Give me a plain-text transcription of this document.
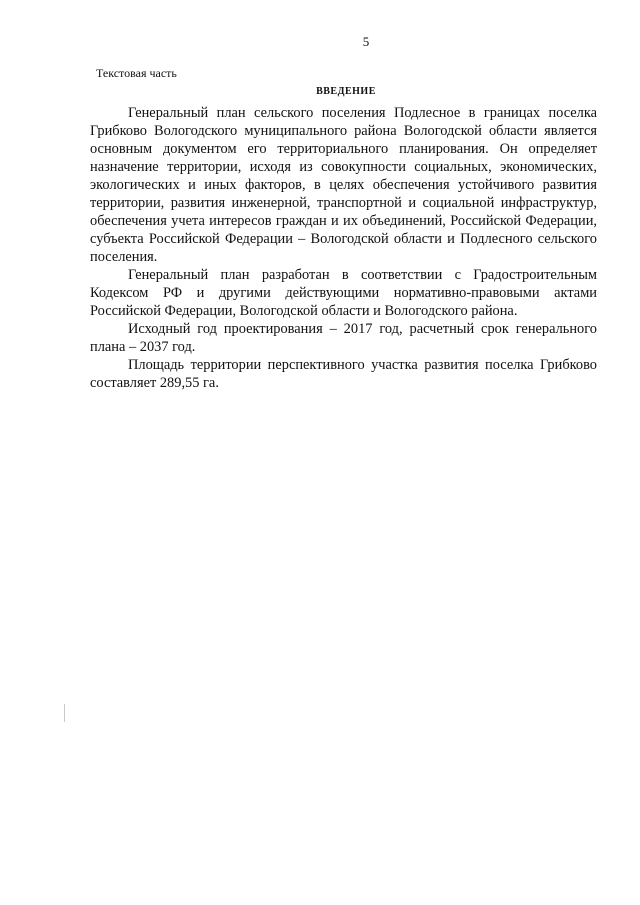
5
Текстовая часть
ВВЕДЕНИЕ

Генеральный план сельского поселения Подлесное в границах поселка Грибково Вологодского муниципального района Вологодской области является основным документом его территориального планирования. Он определяет назначение территории, исходя из совокупности социальных, экономических, экологических и иных факторов, в целях обеспечения устойчивого развития территории, развития инженерной, транспортной и социальной инфраструктур, обеспечения учета интересов граждан и их объединений, Российской Федерации, субъекта Российской Федерации – Вологодской области и Подлесного сельского поселения.

Генеральный план разработан в соответствии с Градостроительным Кодексом РФ и другими действующими нормативно-правовыми актами Российской Федерации, Вологодской области и Вологодского района.

Исходный год проектирования – 2017 год, расчетный срок генерального плана – 2037 год.

Площадь территории перспективного участка развития поселка Грибково составляет 289,55 га.
